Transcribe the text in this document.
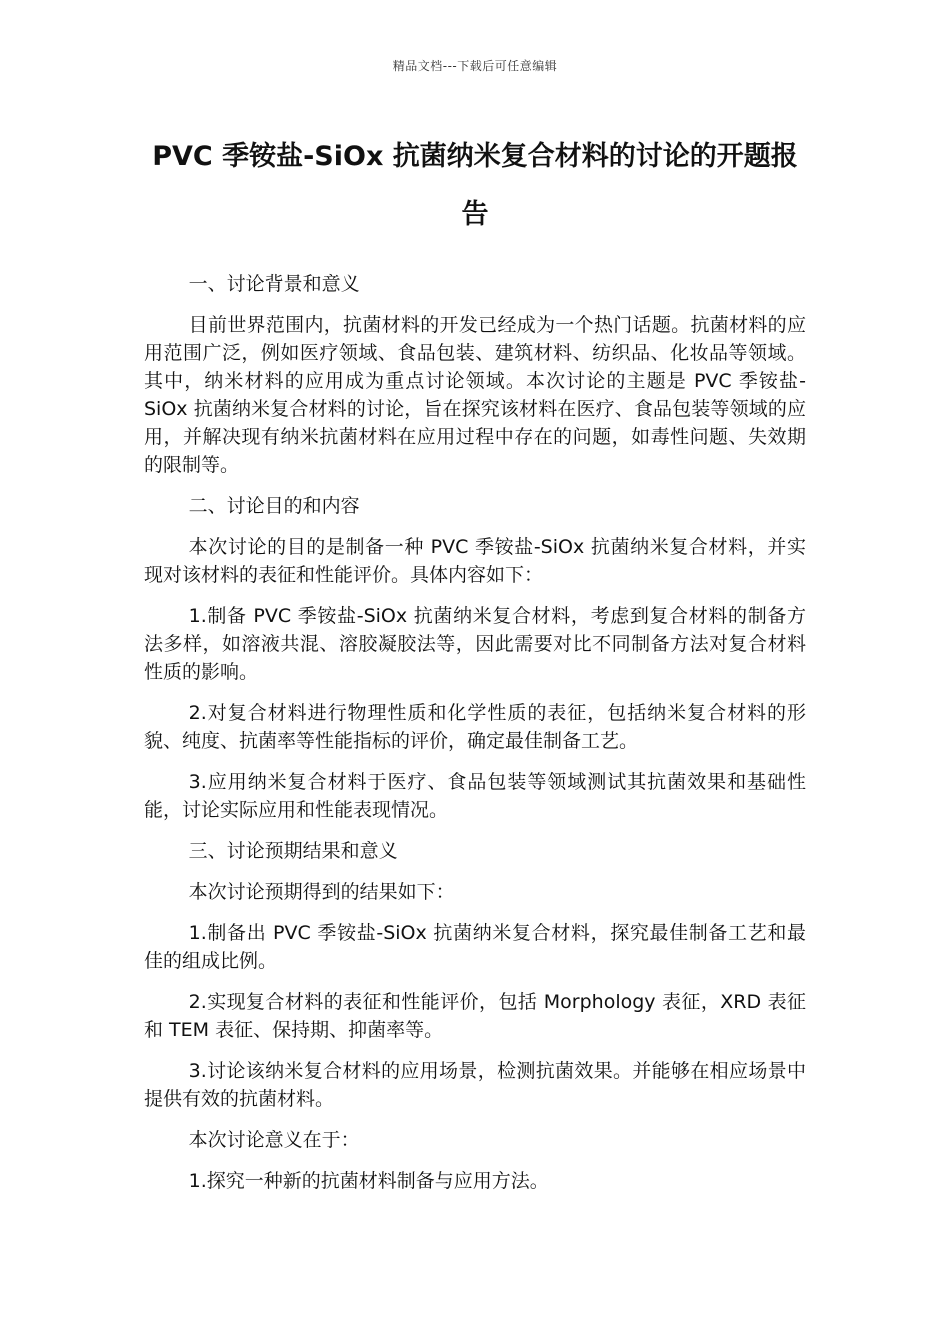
精品文档---下载后可任意编辑
PVC 季铵盐-SiOx 抗菌纳米复合材料的讨论的开题报告

一、讨论背景和意义

目前世界范围内，抗菌材料的开发已经成为一个热门话题。抗菌材料的应用范围广泛，例如医疗领域、食品包装、建筑材料、纺织品、化妆品等领域。其中，纳米材料的应用成为重点讨论领域。本次讨论的主题是 PVC 季铵盐-SiOx 抗菌纳米复合材料的讨论，旨在探究该材料在医疗、食品包装等领域的应用，并解决现有纳米抗菌材料在应用过程中存在的问题，如毒性问题、失效期的限制等。

二、讨论目的和内容

本次讨论的目的是制备一种 PVC 季铵盐-SiOx 抗菌纳米复合材料，并实现对该材料的表征和性能评价。具体内容如下：

1.制备 PVC 季铵盐-SiOx 抗菌纳米复合材料，考虑到复合材料的制备方法多样，如溶液共混、溶胶凝胶法等，因此需要对比不同制备方法对复合材料性质的影响。

2.对复合材料进行物理性质和化学性质的表征，包括纳米复合材料的形貌、纯度、抗菌率等性能指标的评价，确定最佳制备工艺。

3.应用纳米复合材料于医疗、食品包装等领域测试其抗菌效果和基础性能，讨论实际应用和性能表现情况。

三、讨论预期结果和意义

本次讨论预期得到的结果如下：

1.制备出 PVC 季铵盐-SiOx 抗菌纳米复合材料，探究最佳制备工艺和最佳的组成比例。

2.实现复合材料的表征和性能评价，包括 Morphology 表征，XRD 表征和 TEM 表征、保持期、抑菌率等。

3.讨论该纳米复合材料的应用场景，检测抗菌效果。并能够在相应场景中提供有效的抗菌材料。

本次讨论意义在于：

1.探究一种新的抗菌材料制备与应用方法。
